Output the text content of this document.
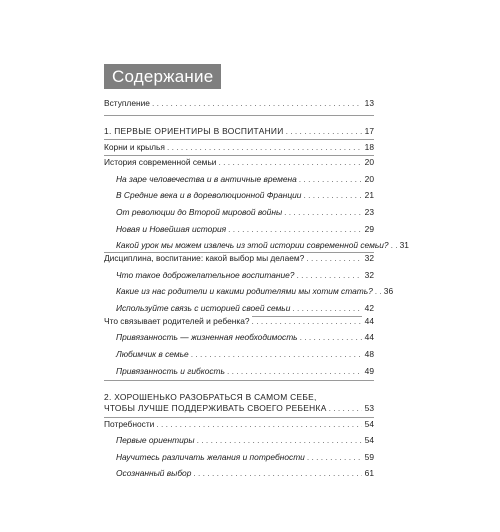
Содержание
Вступление . . .	13
1. ПЕРВЫЕ ОРИЕНТИРЫ В ВОСПИТАНИИ . . .	17
Корни и крылья . . .	18
История современной семьи . . .	20
На заре человечества и в античные времена . . .	20
В Средние века и в дореволюционной Франции . . .	21
От революции до Второй мировой войны . . .	23
Новая и Новейшая история . . .	29
Какой урок мы можем извлечь из этой истории современной семьи? . . .	31
Дисциплина, воспитание: какой выбор мы делаем? . . .	32
Что такое доброжелательное воспитание? . . .	32
Какие из нас родители и какими родителями мы хотим стать? . . .	36
Используйте связь с историей своей семьи . . .	42
Что связывает родителей и ребенка? . . .	44
Привязанность — жизненная необходимость . . .	44
Любимчик в семье . . .	48
Привязанность и гибкость . . .	49
2. ХОРОШЕНЬКО РАЗОБРАТЬСЯ В САМОМ СЕБЕ,
ЧТОБЫ ЛУЧШЕ ПОДДЕРЖИВАТЬ СВОЕГО РЕБЕНКА . . .	53
Потребности . . .	54
Первые ориентиры . . .	54
Научитесь различать желания и потребности . . .	59
Осознанный выбор . . .	61
